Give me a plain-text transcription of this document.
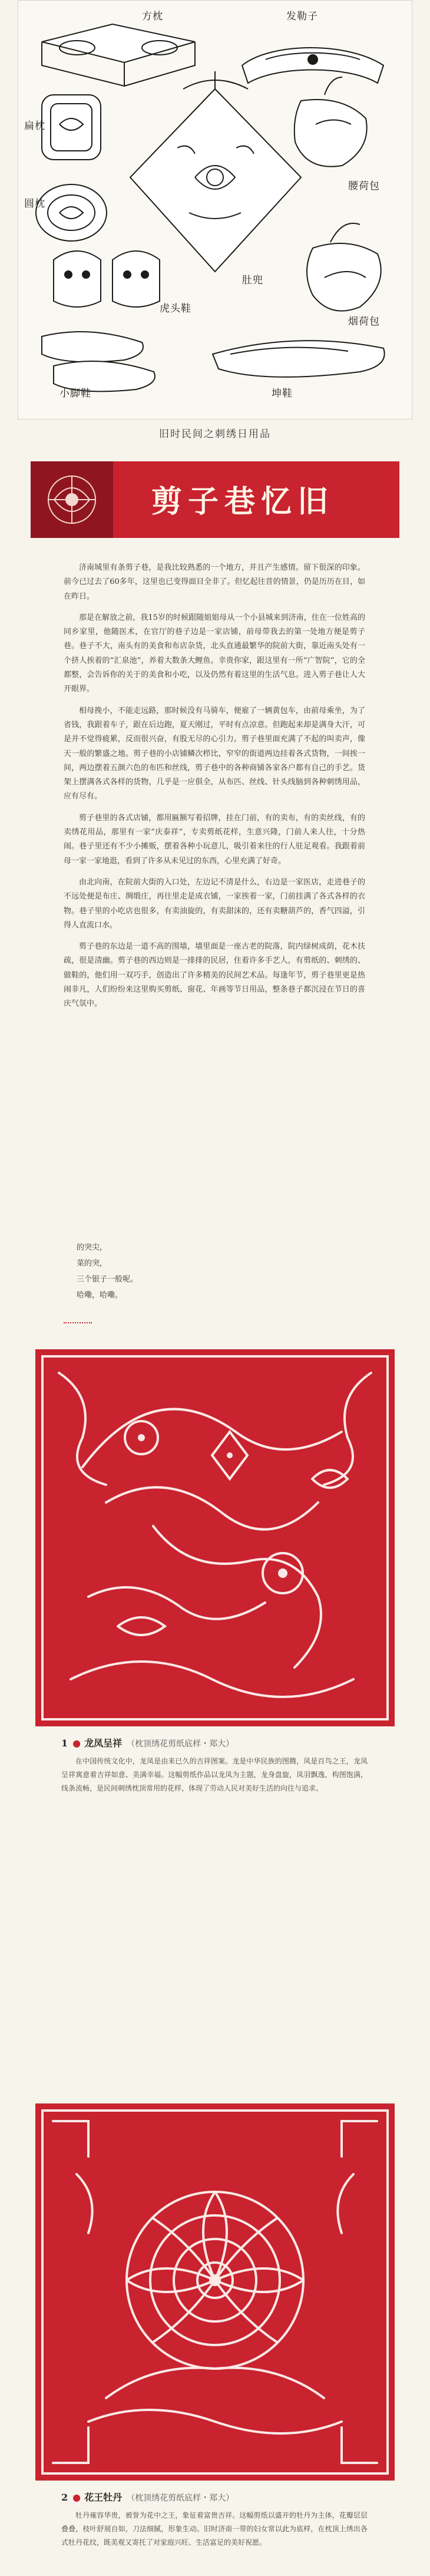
方枕	发勒子
扁枕
圆枕
腰荷包
虎头鞋
肚兜
烟荷包
小脚鞋	坤鞋
旧时民间之刺绣日用品
剪子巷忆旧

济南城里有条剪子巷，是我比较熟悉的一个地方，并且产生感情。留下很深的印象。前今已过去了60多年，这里也已变得面目全非了。但忆起往昔的情景，仍是历历在目，如在昨日。

那是在解放之前，我15岁的时候跟随姐姐母从一个小县城来到济南，住在一位姓高的同乡家里，他随医术，在官厅的巷子边是一家店铺，前母带我去的第一处地方便是剪子巷。巷子不大，南头有的美食和布店杂货，北头直通最繁华的院前大街，靠近南头处有一个挤人挨着的“汇泉池”，养着大数条大鲤鱼。幸贵你家，跟这里有一所“广智院”，它的全都整，会告诉你的关于的美食和小吃，以及仍然有着这里的生活气息。进入剪子巷让人大开眼界。

相母挽小，不能走远路，那时候没有马骑车，便雇了一辆黄包车，由前母乘坐，为了省钱，我跟着车子，跟在后边跑，夏天刚过，平时有点凉意。但跑起来却是满身大汗，可是并不觉得疲累，反而很兴奋，有股无尽的心引力。剪子巷里面充满了不起的叫卖声，像天一般的繁盛之地。剪子巷的小店铺鳞次栉比，窄窄的街道两边挂着各式货物，一间挨一间，两边摆着五颜六色的布匹和丝线，剪子巷中的各种商铺各家各户都有自己的手艺。货架上摆满各式各样的货物，几乎是一应俱全，从布匹、丝线、针头线脑到各种刺绣用品，应有尽有。

剪子巷里的各式店铺，都用匾额写着招牌，挂在门前，有的卖布，有的卖丝线，有的卖绣花用品，那里有一家“庆泰祥”，专卖剪纸花样，生意兴隆，门前人来人往，十分热闹。巷子里还有不少小摊贩，摆着各种小玩意儿，吸引着来往的行人驻足观看。我跟着前母一家一家地逛，看到了许多从未见过的东西，心里充满了好奇。

由北向南，在院前大街的入口处，左边记不清是什么，右边是一家医店，走进巷子的不远处便是布庄、绸缎庄，再往里走是成衣铺，一家挨着一家，门前挂满了各式各样的衣物。巷子里的小吃店也很多，有卖油旋的，有卖甜沫的，还有卖糖葫芦的，香气四溢，引得人直流口水。

剪子巷的东边是一道不高的围墙，墙里面是一座古老的院落，院内绿树成荫，花木扶疏，很是清幽。剪子巷的西边则是一排排的民居，住着许多手艺人，有剪纸的、刺绣的、做鞋的，他们用一双巧手，创造出了许多精美的民间艺术品。每逢年节，剪子巷里更是热闹非凡，人们纷纷来这里购买剪纸、窗花、年画等节日用品，整条巷子都沉浸在节日的喜庆气氛中。

的突尖，
菜的突，
三个银子一般呢。
哈嘞，哈嘞。
1 ● 龙凤呈祥 （枕顶绣花剪纸底样・郑大）
在中国传统文化中，龙凤是由来已久的吉祥图案。龙是中华民族的图腾，凤是百鸟之王，龙凤呈祥寓意着吉祥如意、美满幸福。这幅剪纸作品以龙凤为主题，龙身盘旋，凤羽飘逸，构图饱满，线条流畅，是民间刺绣枕顶常用的花样，体现了劳动人民对美好生活的向往与追求。
2 ● 花王牡丹 （枕顶绣花剪纸底样・郑大）
牡丹雍容华贵，被誉为花中之王，象征着富贵吉祥。这幅剪纸以盛开的牡丹为主体，花瓣层层叠叠，枝叶舒展自如，刀法细腻，形象生动。旧时济南一带的妇女常以此为底样，在枕顶上绣出各式牡丹花纹，既美观又寄托了对家庭兴旺、生活富足的美好祝愿。
